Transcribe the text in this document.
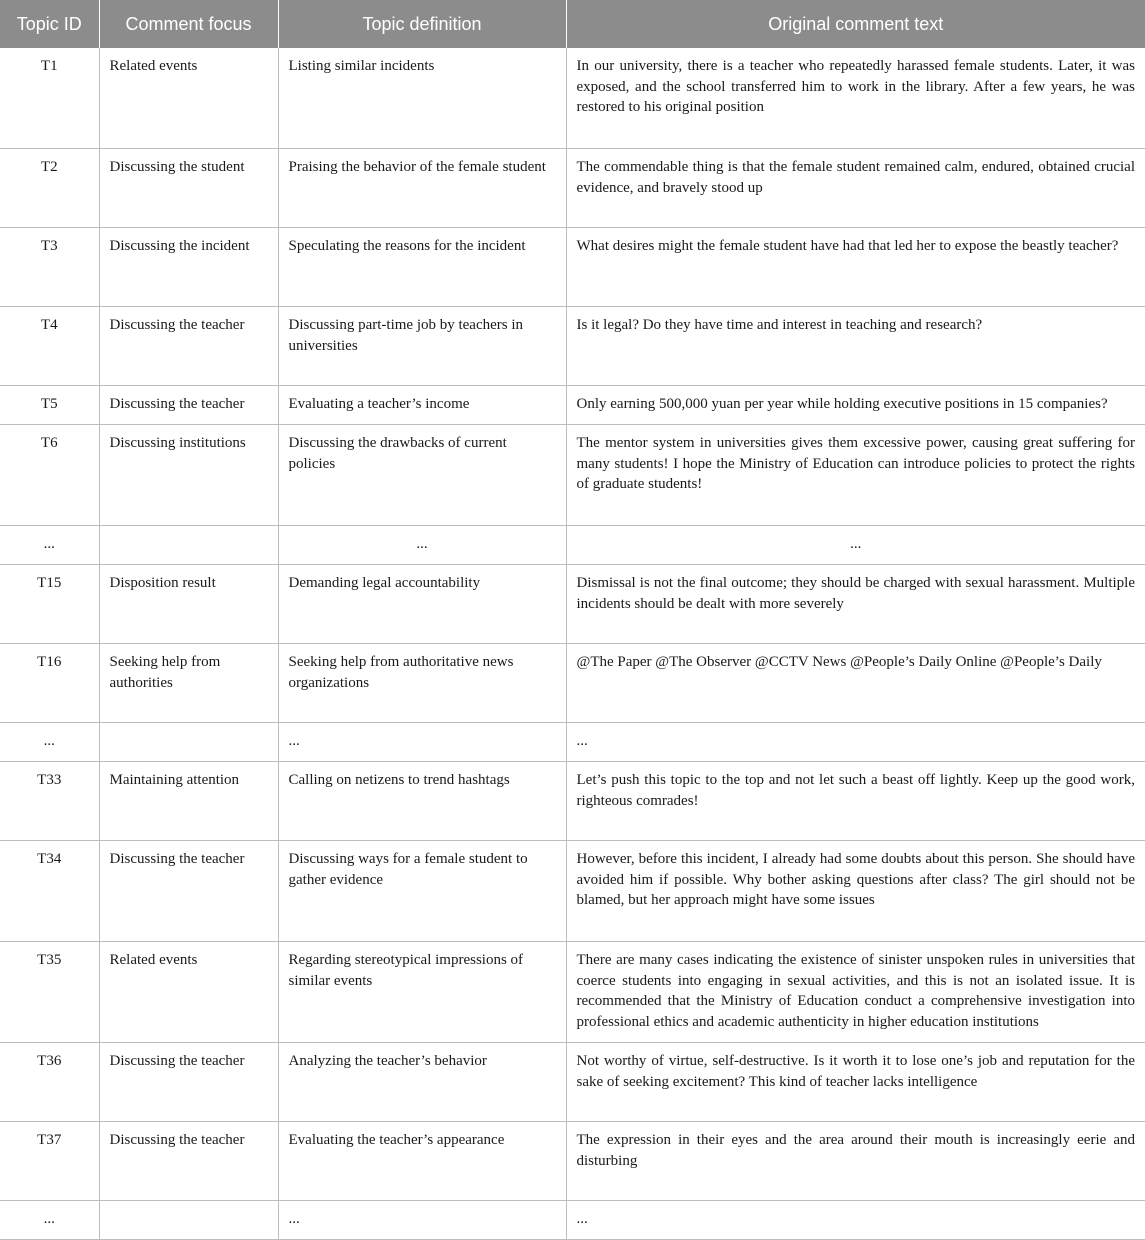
Topic ID	Comment focus	Topic definition	Original comment text
T1	Related events	Listing similar incidents	In our university, there is a teacher who repeatedly harassed female students. Later, it was exposed, and the school transferred him to work in the library. After a few years, he was restored to his original position
T2	Discussing the student	Praising the behavior of the female student	The commendable thing is that the female student remained calm, endured, obtained crucial evidence, and bravely stood up
T3	Discussing the incident	Speculating the reasons for the incident	What desires might the female student have had that led her to expose the beastly teacher?
T4	Discussing the teacher	Discussing part-time job by teachers in universities	Is it legal? Do they have time and interest in teaching and research?
T5	Discussing the teacher	Evaluating a teacher’s income	Only earning 500,000 yuan per year while holding executive positions in 15 companies?
T6	Discussing institutions	Discussing the drawbacks of current policies	The mentor system in universities gives them excessive power, causing great suffering for many students! I hope the Ministry of Education can introduce policies to protect the rights of graduate students!
...		...	...
T15	Disposition result	Demanding legal accountability	Dismissal is not the final outcome; they should be charged with sexual harassment. Multiple incidents should be dealt with more severely
T16	Seeking help from authorities	Seeking help from authoritative news organizations	@The Paper @The Observer @CCTV News @People’s Daily Online @People’s Daily
...		...	...
T33	Maintaining attention	Calling on netizens to trend hashtags	Let’s push this topic to the top and not let such a beast off lightly. Keep up the good work, righteous comrades!
T34	Discussing the teacher	Discussing ways for a female student to gather evidence	However, before this incident, I already had some doubts about this person. She should have avoided him if possible. Why bother asking questions after class? The girl should not be blamed, but her approach might have some issues
T35	Related events	Regarding stereotypical impressions of similar events	There are many cases indicating the existence of sinister unspoken rules in universities that coerce students into engaging in sexual activities, and this is not an isolated issue. It is recommended that the Ministry of Education conduct a comprehensive investigation into professional ethics and academic authenticity in higher education institutions
T36	Discussing the teacher	Analyzing the teacher’s behavior	Not worthy of virtue, self-destructive. Is it worth it to lose one’s job and reputation for the sake of seeking excitement? This kind of teacher lacks intelligence
T37	Discussing the teacher	Evaluating the teacher’s appearance	The expression in their eyes and the area around their mouth is increasingly eerie and disturbing
...		...	...
